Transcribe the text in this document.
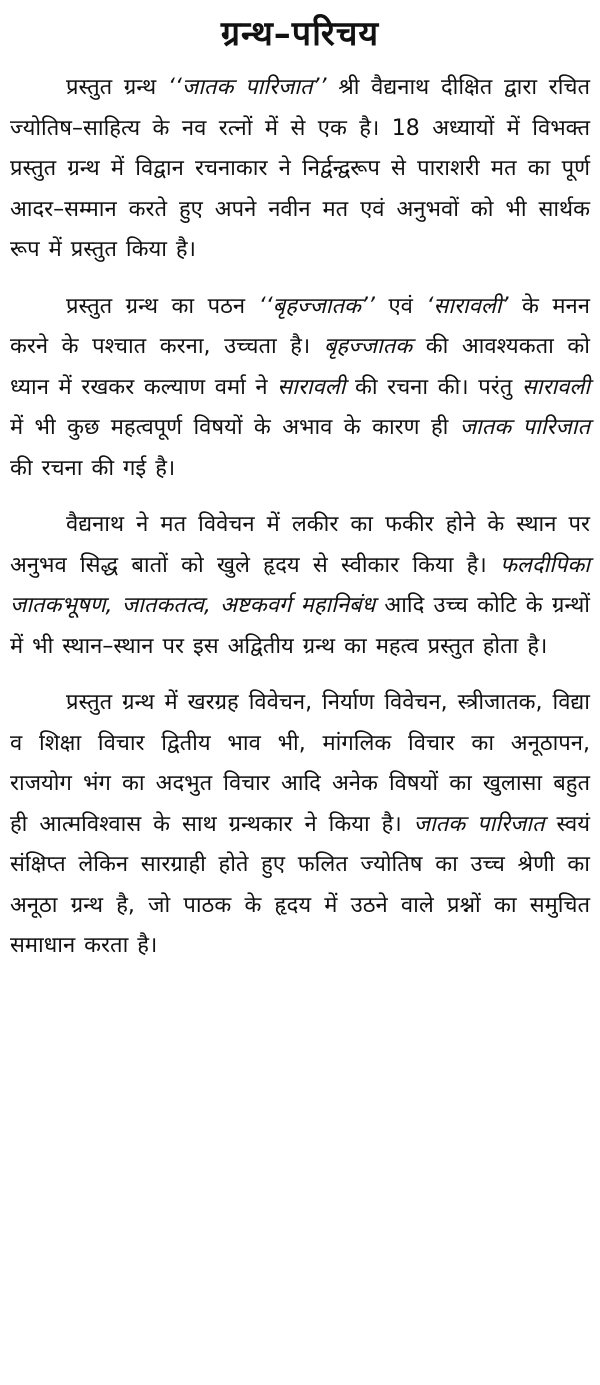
ग्रन्थ–परिचय

प्रस्तुत ग्रन्थ ‘‘जातक पारिजात’’ श्री वैद्यनाथ दीक्षित द्वारा रचित ज्योतिष–साहित्य के नव रत्नों में से एक है। 18 अध्यायों में विभक्त प्रस्तुत ग्रन्थ में विद्वान रचनाकार ने निर्द्वन्द्वरूप से पाराशरी मत का पूर्ण आदर–सम्मान करते हुए अपने नवीन मत एवं अनुभवों को भी सार्थक रूप में प्रस्तुत किया है।

प्रस्तुत ग्रन्थ का पठन ‘‘बृहज्जातक’’ एवं ‘सारावली’ के मनन करने के पश्चात करना, उच्चता है। बृहज्जातक की आवश्यकता को ध्यान में रखकर कल्याण वर्मा ने सारावली की रचना की। परंतु सारावली में भी कुछ महत्वपूर्ण विषयों के अभाव के कारण ही जातक पारिजात की रचना की गई है।

वैद्यनाथ ने मत विवेचन में लकीर का फकीर होने के स्थान पर अनुभव सिद्ध बातों को खुले हृदय से स्वीकार किया है। फलदीपिका जातकभूषण, जातकतत्व, अष्टकवर्ग महानिबंध आदि उच्च कोटि के ग्रन्थों में भी स्थान–स्थान पर इस अद्वितीय ग्रन्थ का महत्व प्रस्तुत होता है।

प्रस्तुत ग्रन्थ में खरग्रह विवेचन, निर्याण विवेचन, स्त्रीजातक, विद्या व शिक्षा विचार द्वितीय भाव भी, मांगलिक विचार का अनूठापन, राजयोग भंग का अदभुत विचार आदि अनेक विषयों का खुलासा बहुत ही आत्मविश्वास के साथ ग्रन्थकार ने किया है। जातक पारिजात स्वयं संक्षिप्त लेकिन सारग्राही होते हुए फलित ज्योतिष का उच्च श्रेणी का अनूठा ग्रन्थ है, जो पाठक के हृदय में उठने वाले प्रश्नों का समुचित समाधान करता है।
